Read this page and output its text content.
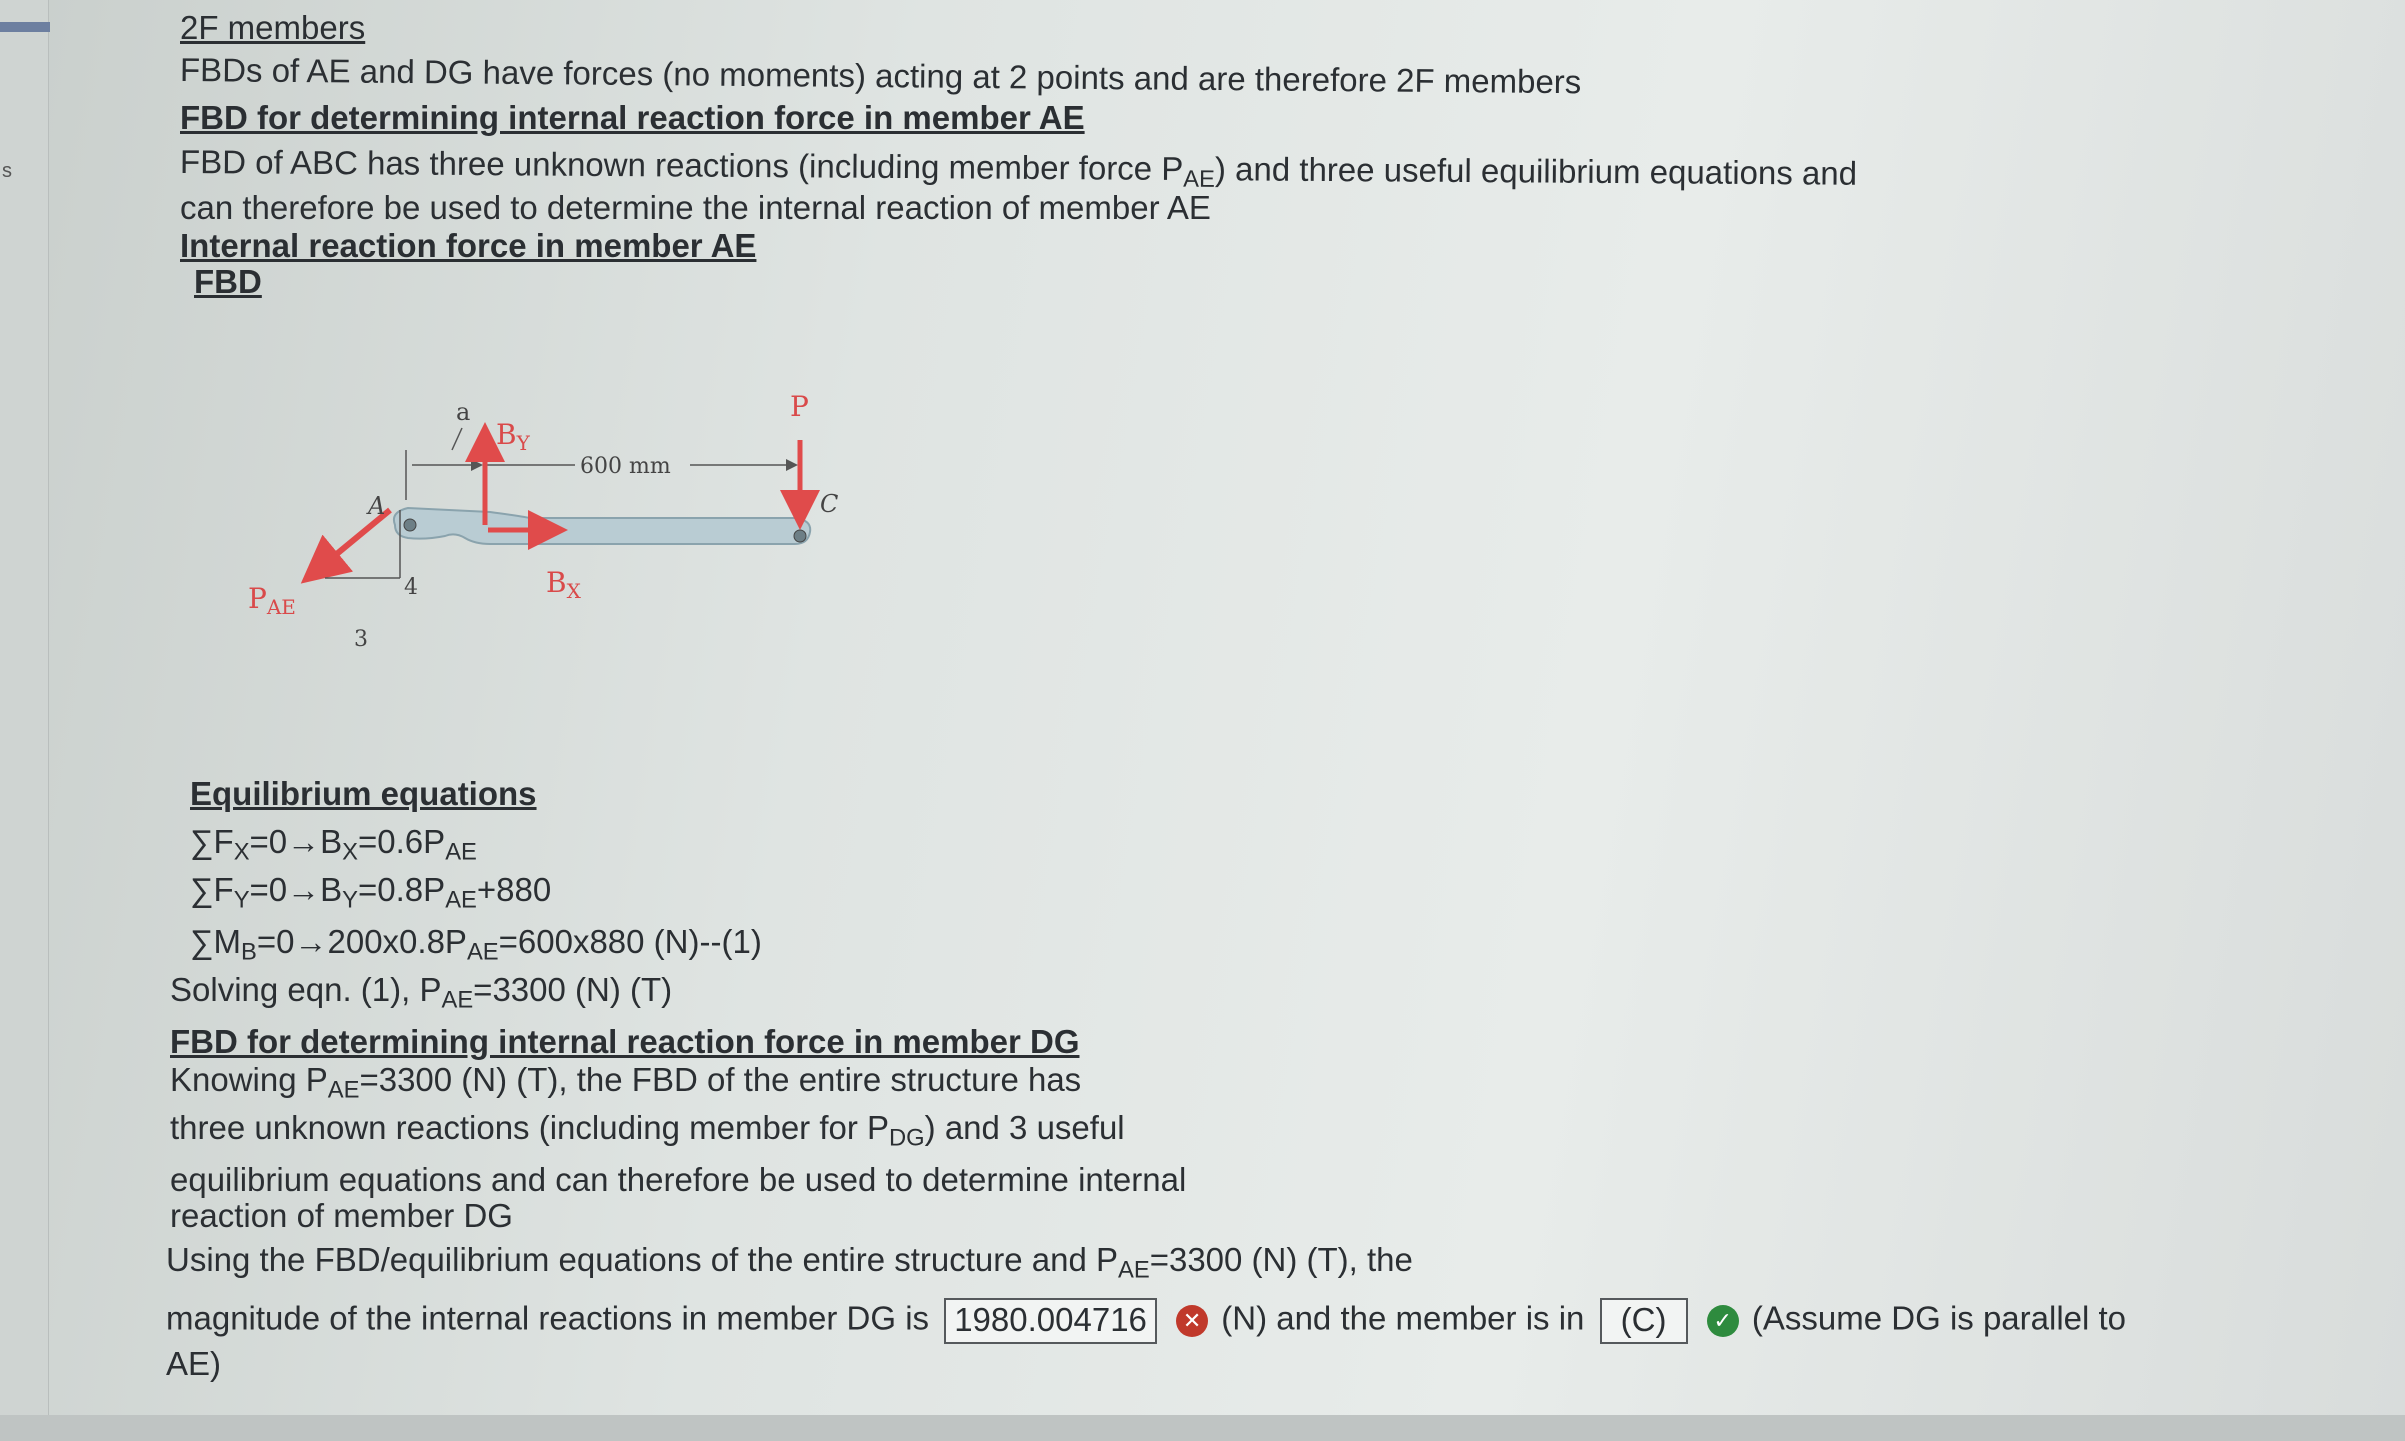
s
2F members
FBDs of AE and DG have forces (no moments) acting at 2 points and are therefore 2F members
FBD for determining internal reaction force in member AE
FBD of ABC has three unknown reactions (including member force $P_{AE}$) and three useful equilibrium equations and
can therefore be used to determine the internal reaction of member AE
Internal reaction force in member AE
FBD
a
$B_Y$
P
600 mm
A	C
4
3
$B_X$
$P_{AE}$
Equilibrium equations
$\sum F_X=0\to B_X=0.6P_{AE}$
$\sum F_Y=0\to B_Y=0.8P_{AE}+880$
$\sum M_B=0\to 200x0.8P_{AE}=600x880$ (N)--(1)
Solving eqn. (1), $P_{AE}=3300$ (N) (T)
FBD for determining internal reaction force in member DG
Knowing $P_{AE}=3300$ (N) (T), the FBD of the entire structure has
three unknown reactions (including member for $P_{DG}$) and 3 useful
equilibrium equations and can therefore be used to determine internal
reaction of member DG
Using the FBD/equilibrium equations of the entire structure and $P_{AE}=3300$ (N) (T), the
magnitude of the internal reactions in member DG is 1980.004716 ✕ (N) and the member is in (C) ✓ (Assume DG is parallel to
AE)
